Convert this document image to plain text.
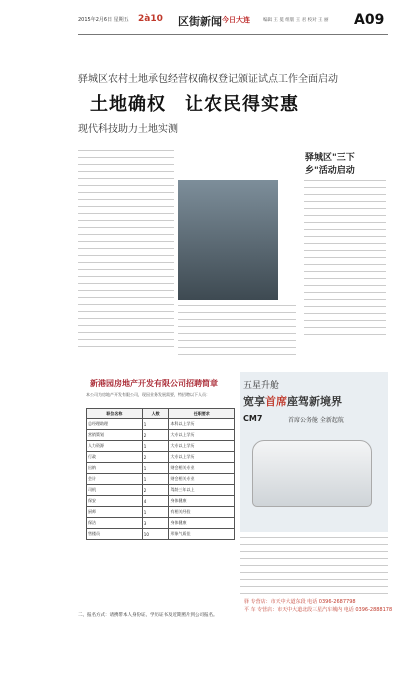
2015年2月6日 星期五 2à10 区街新闻 今日大连	编辑 王 冕 组版 王 君 校对 王 丽 A09
驿城区农村土地承包经营权确权登记颁证试点工作全面启动
土地确权　让农民得实惠
现代科技助力土地实测
驿城区"三下乡"活动启动
新港园房地产开发有限公司招聘简章
本公司为房地产开发有限公司，现因业务发展需要，特招聘以下人员：
职位名称	人数	任职要求
总经理助理	1	本科以上学历
营销策划	2	大专以上学历
人力资源	1	大专以上学历
行政	2	大专以上学历
出纳	1	财会相关专业
会计	1	财会相关专业
司机	2	驾龄三年以上
保安	4	身体健康
厨师	1	有相关经验
保洁	3	身体健康
售楼员	10	形象气质佳
二、报名方式：请携带本人身份证、学历证书及近期照片到公司报名。
五星升舱
宽享首席座驾新境界
CM7	首席公务舱 全新起航
驿 专营店：市天中大道东段 电话 0396-2687798
平 车 专营店：市天中大道北段三星汽车城内 电话 0396-2888178
